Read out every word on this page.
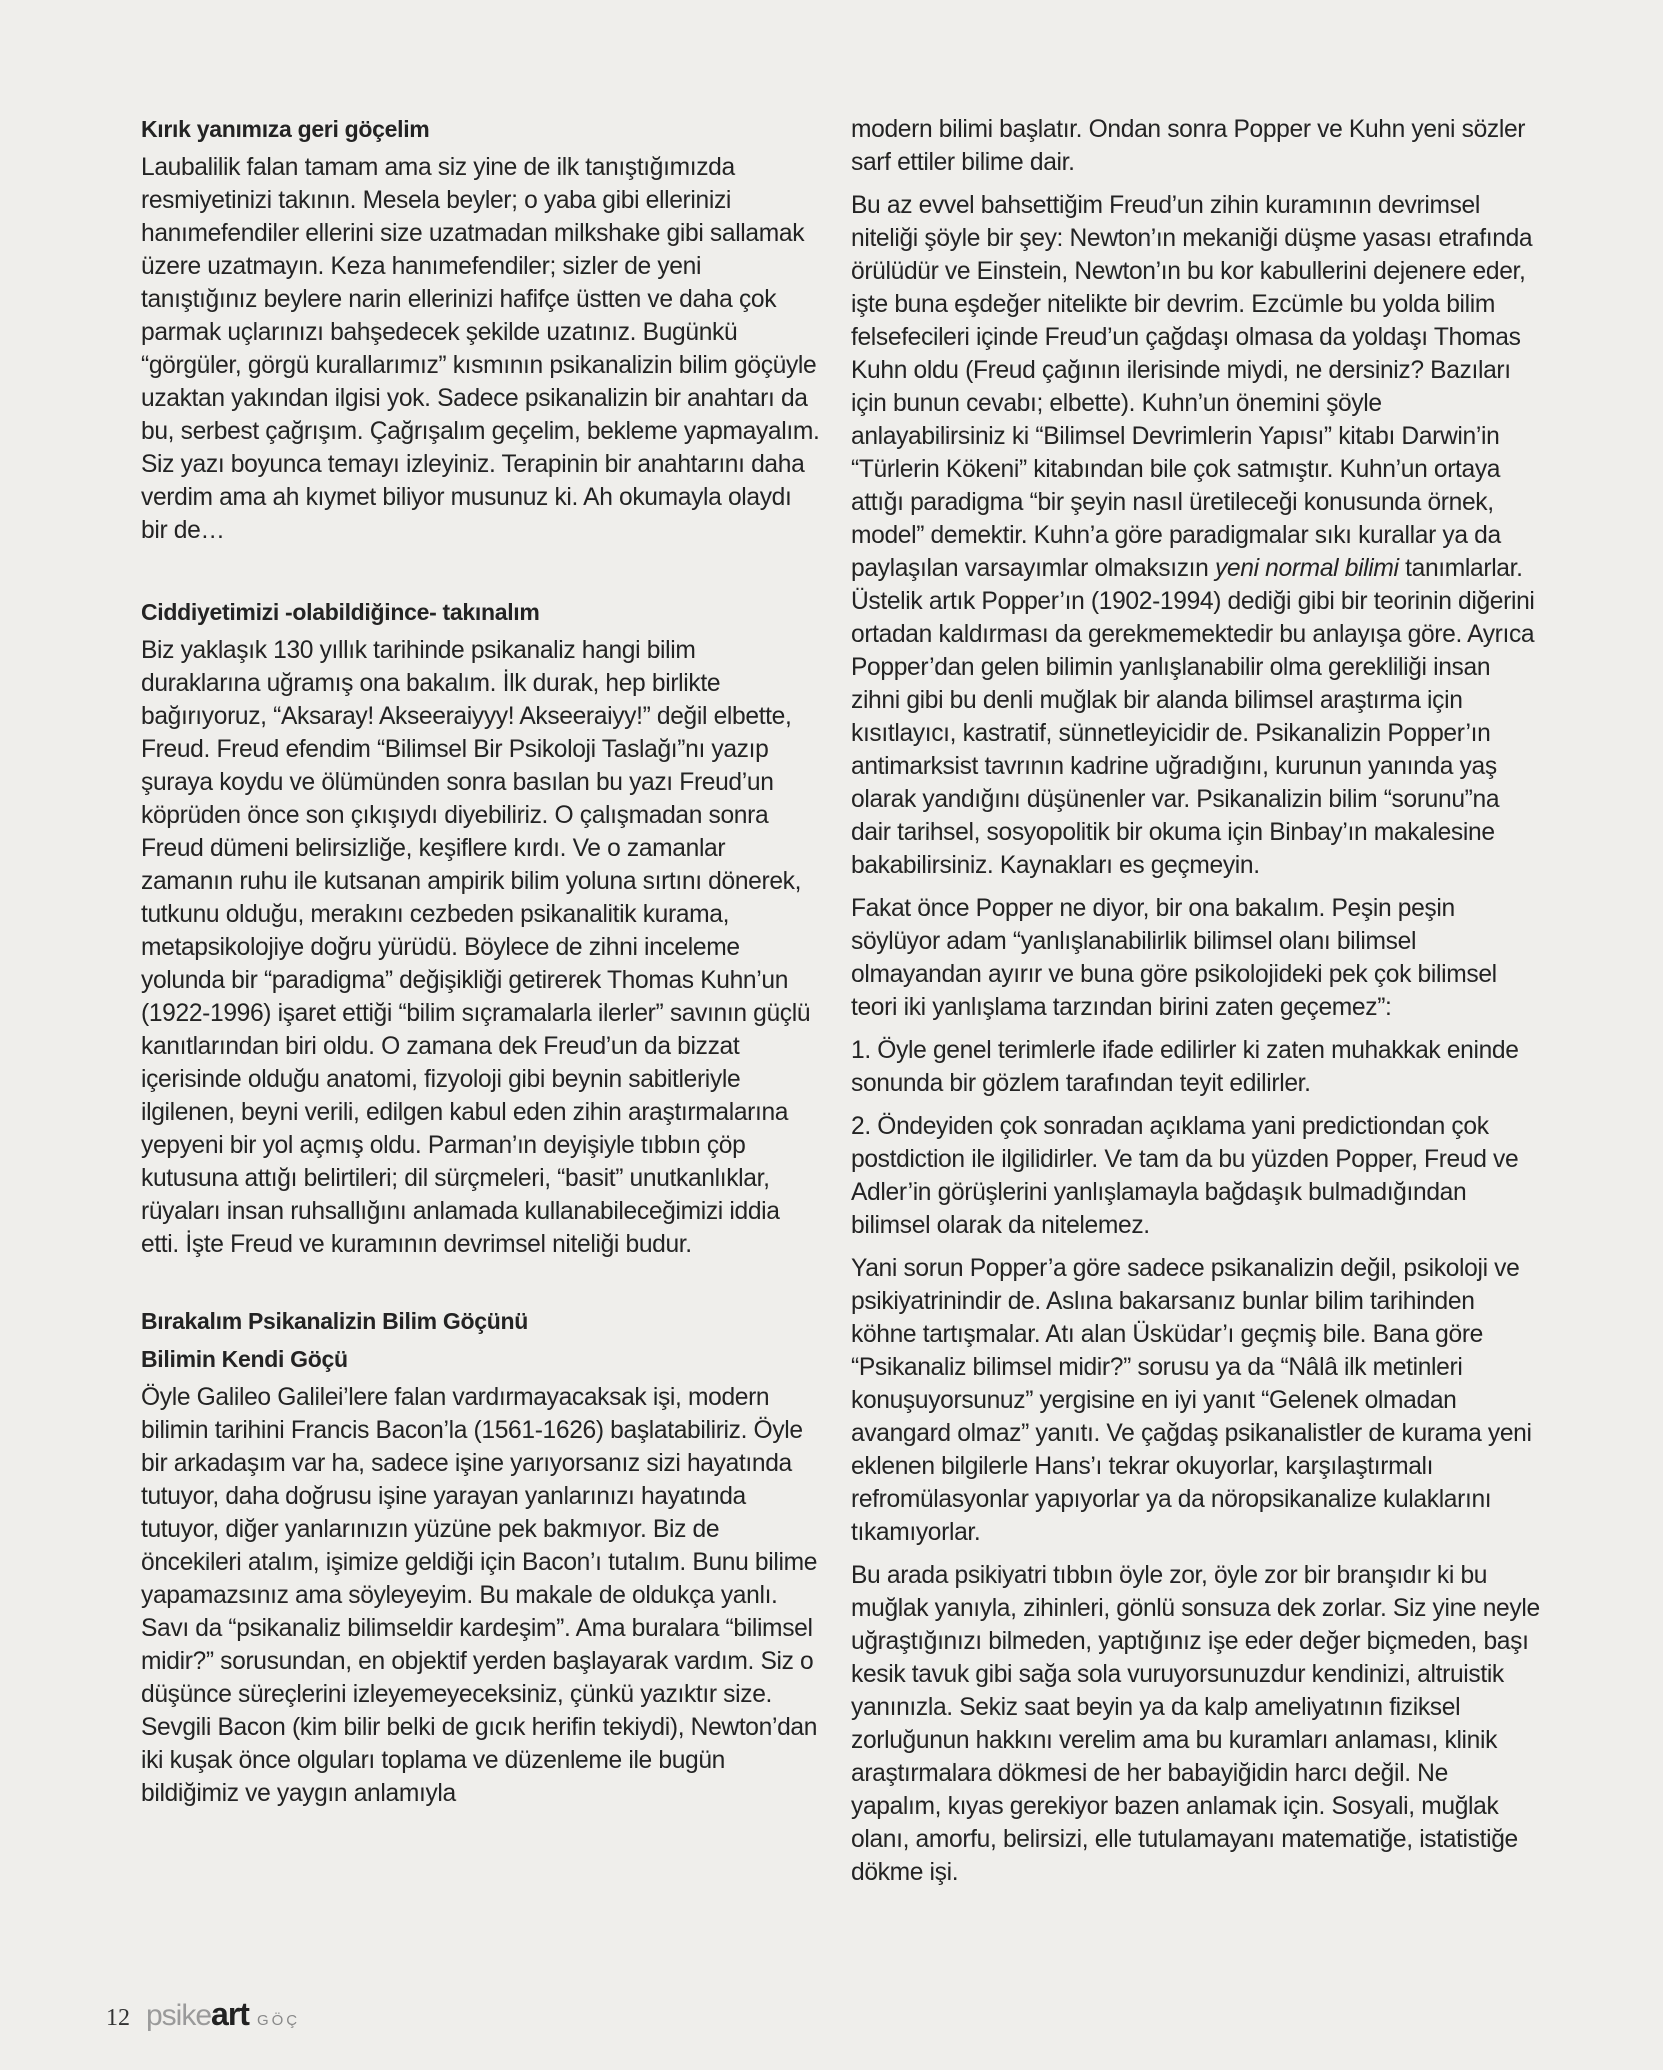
Kırık yanımıza geri göçelim
Laubalilik falan tamam ama siz yine de ilk tanıştığımızda resmiyetinizi takının. Mesela beyler; o yaba gibi ellerinizi hanımefendiler ellerini size uzatmadan milkshake gibi sallamak üzere uzatmayın. Keza hanımefendiler; sizler de yeni tanıştığınız beylere narin ellerinizi hafifçe üstten ve daha çok parmak uçlarınızı bahşedecek şekilde uzatınız. Bugünkü “görgüler, görgü kurallarımız” kısmının psikanalizin bilim göçüyle uzaktan yakından ilgisi yok. Sadece psikanalizin bir anahtarı da bu, serbest çağrışım. Çağrışalım geçelim, bekleme yapmayalım. Siz yazı boyunca temayı izleyiniz. Terapinin bir anahtarını daha verdim ama ah kıymet biliyor musunuz ki. Ah okumayla olaydı bir de…
Ciddiyetimizi -olabildiğince- takınalım
Biz yaklaşık 130 yıllık tarihinde psikanaliz hangi bilim duraklarına uğramış ona bakalım. İlk durak, hep birlikte bağırıyoruz, “Aksaray! Akseeraiyyy! Akseeraiyy!” değil elbette, Freud. Freud efendim “Bilimsel Bir Psikoloji Taslağı”nı yazıp şuraya koydu ve ölümünden sonra basılan bu yazı Freud’un köprüden önce son çıkışıydı diyebiliriz. O çalışmadan sonra Freud dümeni belirsizliğe, keşiflere kırdı. Ve o zamanlar zamanın ruhu ile kutsanan ampirik bilim yoluna sırtını dönerek, tutkunu olduğu, merakını cezbeden psikanalitik kurama, metapsikolojiye doğru yürüdü. Böylece de zihni inceleme yolunda bir “paradigma” değişikliği getirerek Thomas Kuhn’un (1922-1996) işaret ettiği “bilim sıçramalarla ilerler” savının güçlü kanıtlarından biri oldu. O zamana dek Freud’un da bizzat içerisinde olduğu anatomi, fizyoloji gibi beynin sabitleriyle ilgilenen, beyni verili, edilgen kabul eden zihin araştırmalarına yepyeni bir yol açmış oldu. Parman’ın deyişiyle tıbbın çöp kutusuna attığı belirtileri; dil sürçmeleri, “basit” unutkanlıklar, rüyaları insan ruhsallığını anlamada kullanabileceğimizi iddia etti. İşte Freud ve kuramının devrimsel niteliği budur.
Bırakalım Psikanalizin Bilim Göçünü
Bilimin Kendi Göçü
Öyle Galileo Galilei’lere falan vardırmayacaksak işi, modern bilimin tarihini Francis Bacon’la (1561-1626) başlatabiliriz. Öyle bir arkadaşım var ha, sadece işine yarıyorsanız sizi hayatında tutuyor, daha doğrusu işine yarayan yanlarınızı hayatında tutuyor, diğer yanlarınızın yüzüne pek bakmıyor. Biz de öncekileri atalım, işimize geldiği için Bacon’ı tutalım. Bunu bilime yapamazsınız ama söyleyeyim. Bu makale de oldukça yanlı. Savı da “psikanaliz bilimseldir kardeşim”. Ama buralara “bilimsel midir?” sorusundan, en objektif yerden başlayarak vardım. Siz o düşünce süreçlerini izleyemeyeceksiniz, çünkü yazıktır size. Sevgili Bacon (kim bilir belki de gıcık herifin tekiydi), Newton’dan iki kuşak önce olguları toplama ve düzenleme ile bugün bildiğimiz ve yaygın anlamıyla
modern bilimi başlatır. Ondan sonra Popper ve Kuhn yeni sözler sarf ettiler bilime dair.
Bu az evvel bahsettiğim Freud’un zihin kuramının devrimsel niteliği şöyle bir şey: Newton’ın mekaniği düşme yasası etrafında örülüdür ve Einstein, Newton’ın bu kor kabullerini dejenere eder, işte buna eşdeğer nitelikte bir devrim. Ezcümle bu yolda bilim felsefecileri içinde Freud’un çağdaşı olmasa da yoldaşı Thomas Kuhn oldu (Freud çağının ilerisinde miydi, ne dersiniz? Bazıları için bunun cevabı; elbette). Kuhn’un önemini şöyle anlayabilirsiniz ki “Bilimsel Devrimlerin Yapısı” kitabı Darwin’in “Türlerin Kökeni” kitabından bile çok satmıştır. Kuhn’un ortaya attığı paradigma “bir şeyin nasıl üretileceği konusunda örnek, model” demektir. Kuhn’a göre paradigmalar sıkı kurallar ya da paylaşılan varsayımlar olmaksızın yeni normal bilimi tanımlarlar. Üstelik artık Popper’ın (1902-1994) dediği gibi bir teorinin diğerini ortadan kaldırması da gerekmemektedir bu anlayışa göre. Ayrıca Popper’dan gelen bilimin yanlışlanabilir olma gerekliliği insan zihni gibi bu denli muğlak bir alanda bilimsel araştırma için kısıtlayıcı, kastratif, sünnetleyicidir de. Psikanalizin Popper’ın antimarksist tavrının kadrine uğradığını, kurunun yanında yaş olarak yandığını düşünenler var. Psikanalizin bilim “sorunu”na dair tarihsel, sosyopolitik bir okuma için Binbay’ın makalesine bakabilirsiniz. Kaynakları es geçmeyin.
Fakat önce Popper ne diyor, bir ona bakalım. Peşin peşin söylüyor adam “yanlışlanabilirlik bilimsel olanı bilimsel olmayandan ayırır ve buna göre psikolojideki pek çok bilimsel teori iki yanlışlama tarzından birini zaten geçemez”:
1. Öyle genel terimlerle ifade edilirler ki zaten muhakkak eninde sonunda bir gözlem tarafından teyit edilirler.
2. Öndeyiden çok sonradan açıklama yani predictiondan çok postdiction ile ilgilidirler. Ve tam da bu yüzden Popper, Freud ve Adler’in görüşlerini yanlışlamayla bağdaşık bulmadığından bilimsel olarak da nitelemez.
Yani sorun Popper’a göre sadece psikanalizin değil, psikoloji ve psikiyatrinindir de. Aslına bakarsanız bunlar bilim tarihinden köhne tartışmalar. Atı alan Üsküdar’ı geçmiş bile. Bana göre “Psikanaliz bilimsel midir?” sorusu ya da “Nâlâ ilk metinleri konuşuyorsunuz” yergisine en iyi yanıt “Gelenek olmadan avangard olmaz” yanıtı. Ve çağdaş psikanalistler de kurama yeni eklenen bilgilerle Hans’ı tekrar okuyorlar, karşılaştırmalı refromülasyonlar yapıyorlar ya da nöropsikanalize kulaklarını tıkamıyorlar.
Bu arada psikiyatri tıbbın öyle zor, öyle zor bir branşıdır ki bu muğlak yanıyla, zihinleri, gönlü sonsuza dek zorlar. Siz yine neyle uğraştığınızı bilmeden, yaptığınız işe eder değer biçmeden, başı kesik tavuk gibi sağa sola vuruyorsunuzdur kendinizi, altruistik yanınızla. Sekiz saat beyin ya da kalp ameliyatının fiziksel zorluğunun hakkını verelim ama bu kuramları anlaması, klinik araştırmalara dökmesi de her babayiğidin harcı değil. Ne yapalım, kıyas gerekiyor bazen anlamak için. Sosyali, muğlak olanı, amorfu, belirsizi, elle tutulamayanı matematiğe, istatistiğe dökme işi.
12 psike art GÖÇ
